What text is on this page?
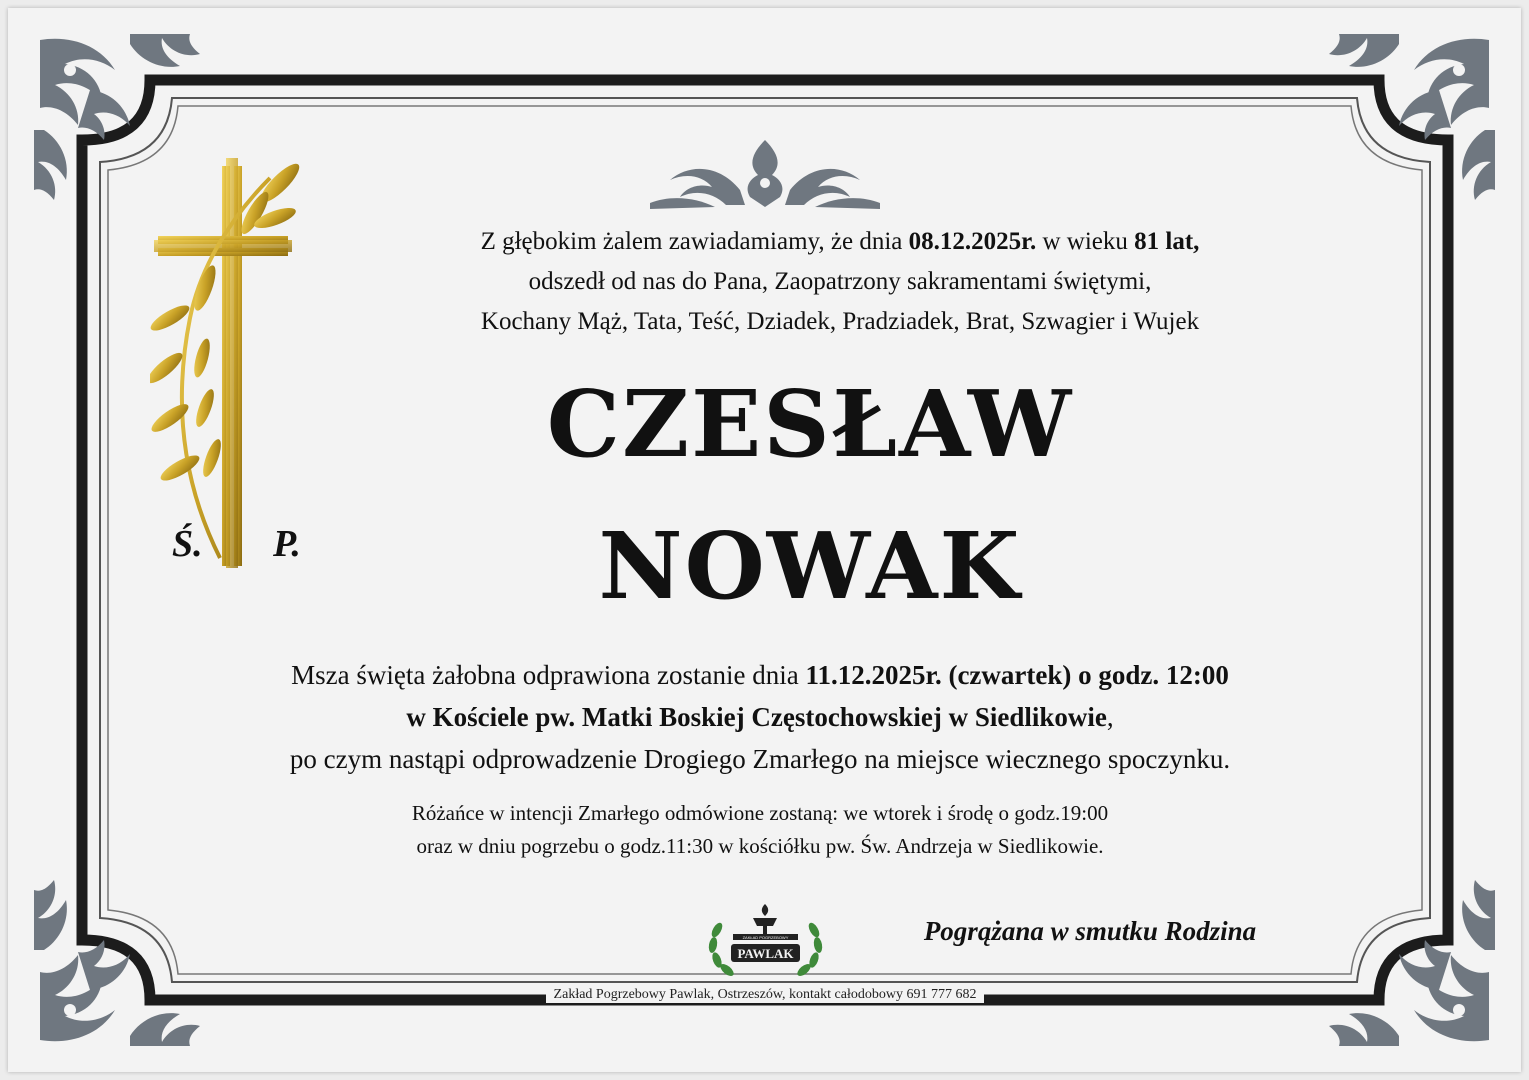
Ś. P.
Z głębokim żalem zawiadamiamy, że dnia 08.12.2025r. w wieku 81 lat,
odszedł od nas do Pana, Zaopatrzony sakramentami świętymi,
Kochany Mąż, Tata, Teść, Dziadek, Pradziadek, Brat, Szwagier i Wujek
CZESŁAW
NOWAK
Msza święta żałobna odprawiona zostanie dnia 11.12.2025r. (czwartek) o godz. 12:00
w Kościele pw. Matki Boskiej Częstochowskiej w Siedlikowie,
po czym nastąpi odprowadzenie Drogiego Zmarłego na miejsce wiecznego spoczynku.
Różańce w intencji Zmarłego odmówione zostaną: we wtorek i środę o godz.19:00
oraz w dniu pogrzebu o godz.11:30 w kościółku pw. Św. Andrzeja w Siedlikowie.
PAWLAK
ZAKŁAD POGRZEBOWY	Pogrążana w smutku Rodzina
Zakład Pogrzebowy Pawlak, Ostrzeszów, kontakt całodobowy 691 777 682
